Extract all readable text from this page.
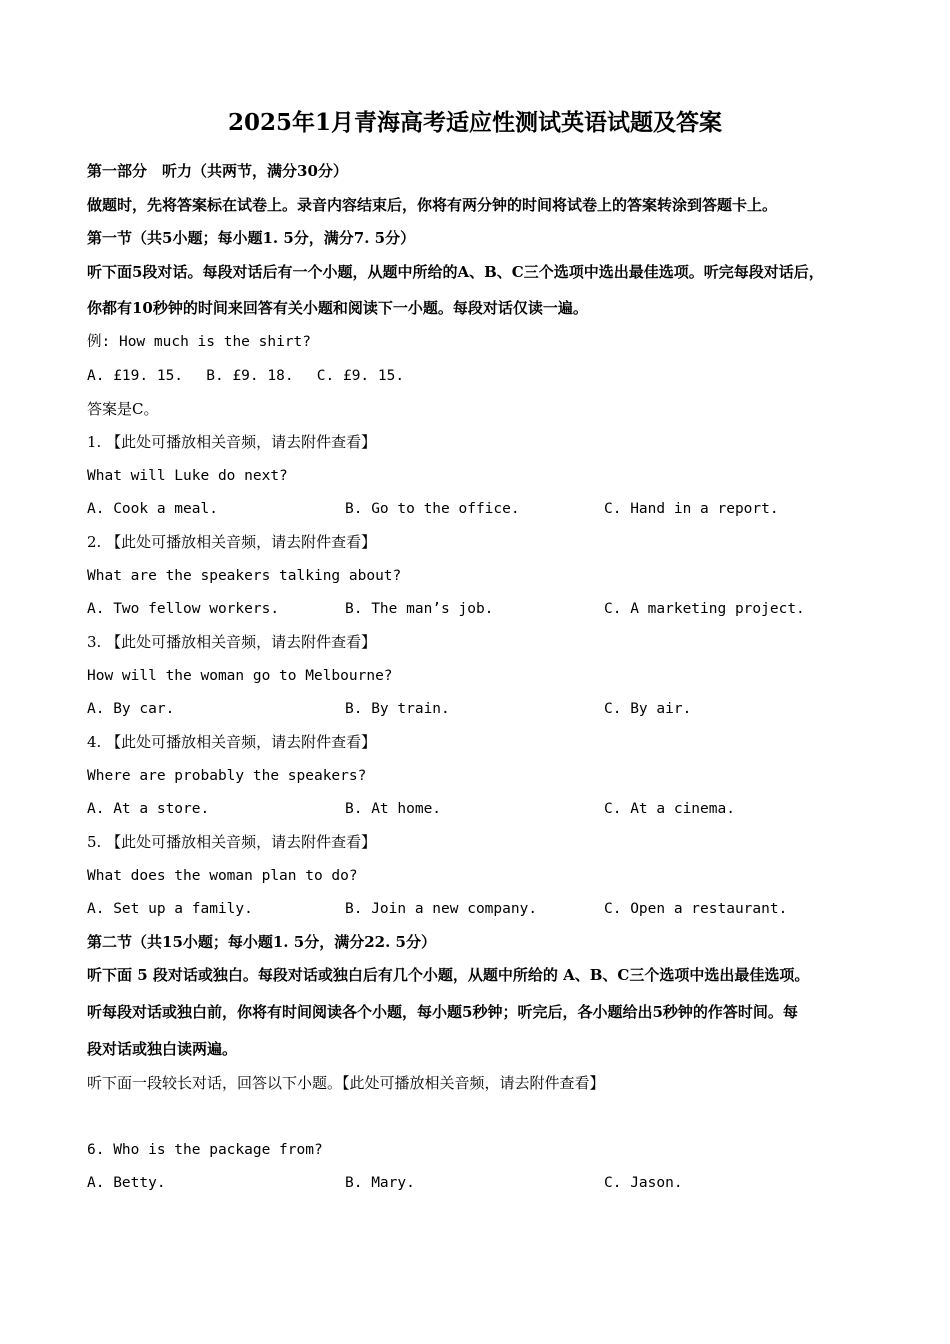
2025年1月青海高考适应性测试英语试题及答案
第一部分　听力（共两节，满分30分）
做题时，先将答案标在试卷上。录音内容结束后，你将有两分钟的时间将试卷上的答案转涂到答题卡上。
第一节（共5小题；每小题1. 5分，满分7. 5分）
听下面5段对话。每段对话后有一个小题，从题中所给的A、B、C三个选项中选出最佳选项。听完每段对话后，
你都有10秒钟的时间来回答有关小题和阅读下一小题。每段对话仅读一遍。
例: How much is the shirt?
A. £19. 15.　 B. £9. 18.　 C. £9. 15.
答案是C。
1. 【此处可播放相关音频，请去附件查看】
What will Luke do next?
A. Cook a meal.	B. Go to the office.	C. Hand in a report.
2. 【此处可播放相关音频，请去附件查看】
What are the speakers talking about?
A. Two fellow workers.	B. The man’s job.	C. A marketing project.
3. 【此处可播放相关音频，请去附件查看】
How will the woman go to Melbourne?
A. By car.	B. By train.	C. By air.
4. 【此处可播放相关音频，请去附件查看】
Where are probably the speakers?
A. At a store.	B. At home.	C. At a cinema.
5. 【此处可播放相关音频，请去附件查看】
What does the woman plan to do?
A. Set up a family.	B. Join a new company.	C. Open a restaurant.
第二节（共15小题；每小题1. 5分，满分22. 5分）
听下面 5 段对话或独白。每段对话或独白后有几个小题，从题中所给的 A、B、C三个选项中选出最佳选项。
听每段对话或独白前，你将有时间阅读各个小题，每小题5秒钟；听完后，各小题给出5秒钟的作答时间。每
段对话或独白读两遍。
听下面一段较长对话，回答以下小题。【此处可播放相关音频，请去附件查看】
6. Who is the package from?
A. Betty.	B. Mary.	C. Jason.
